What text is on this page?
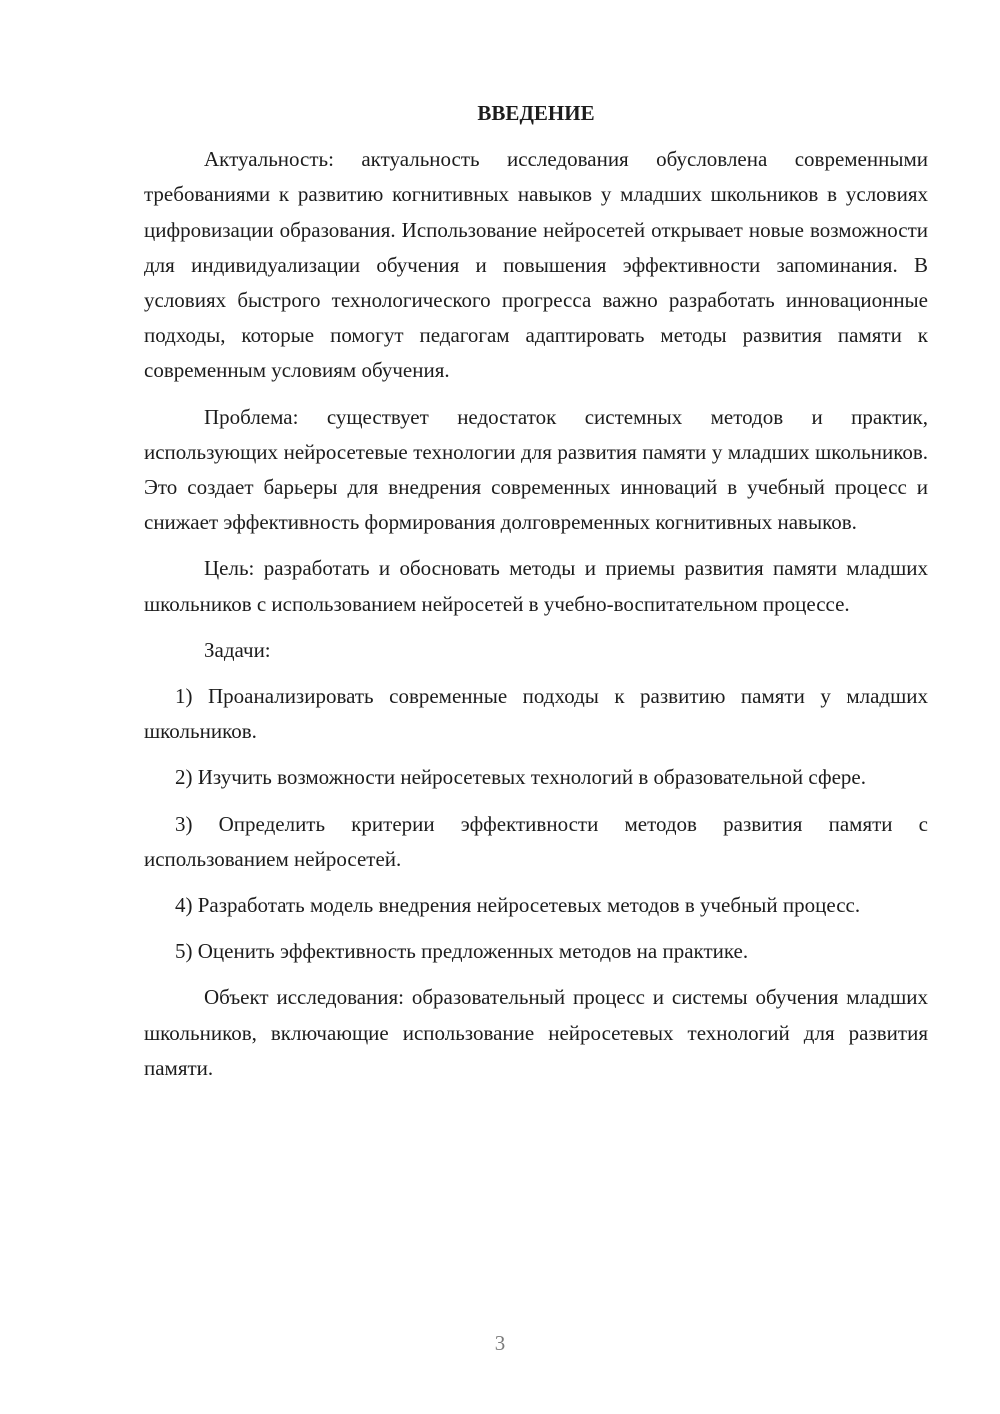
ВВЕДЕНИЕ

Актуальность: актуальность исследования обусловлена современными требованиями к развитию когнитивных навыков у младших школьников в условиях цифровизации образования. Использование нейросетей открывает новые возможности для индивидуализации обучения и повышения эффективности запоминания. В условиях быстрого технологического прогресса важно разработать инновационные подходы, которые помогут педагогам адаптировать методы развития памяти к современным условиям обучения.

Проблема: существует недостаток системных методов и практик, использующих нейросетевые технологии для развития памяти у младших школьников. Это создает барьеры для внедрения современных инноваций в учебный процесс и снижает эффективность формирования долговременных когнитивных навыков.

Цель: разработать и обосновать методы и приемы развития памяти младших школьников с использованием нейросетей в учебно-воспитательном процессе.

Задачи:

1) Проанализировать современные подходы к развитию памяти у младших школьников.

2) Изучить возможности нейросетевых технологий в образовательной сфере.

3) Определить критерии эффективности методов развития памяти с использованием нейросетей.

4) Разработать модель внедрения нейросетевых методов в учебный процесс.

5) Оценить эффективность предложенных методов на практике.

Объект исследования: образовательный процесс и системы обучения младших школьников, включающие использование нейросетевых технологий для развития памяти.

3
